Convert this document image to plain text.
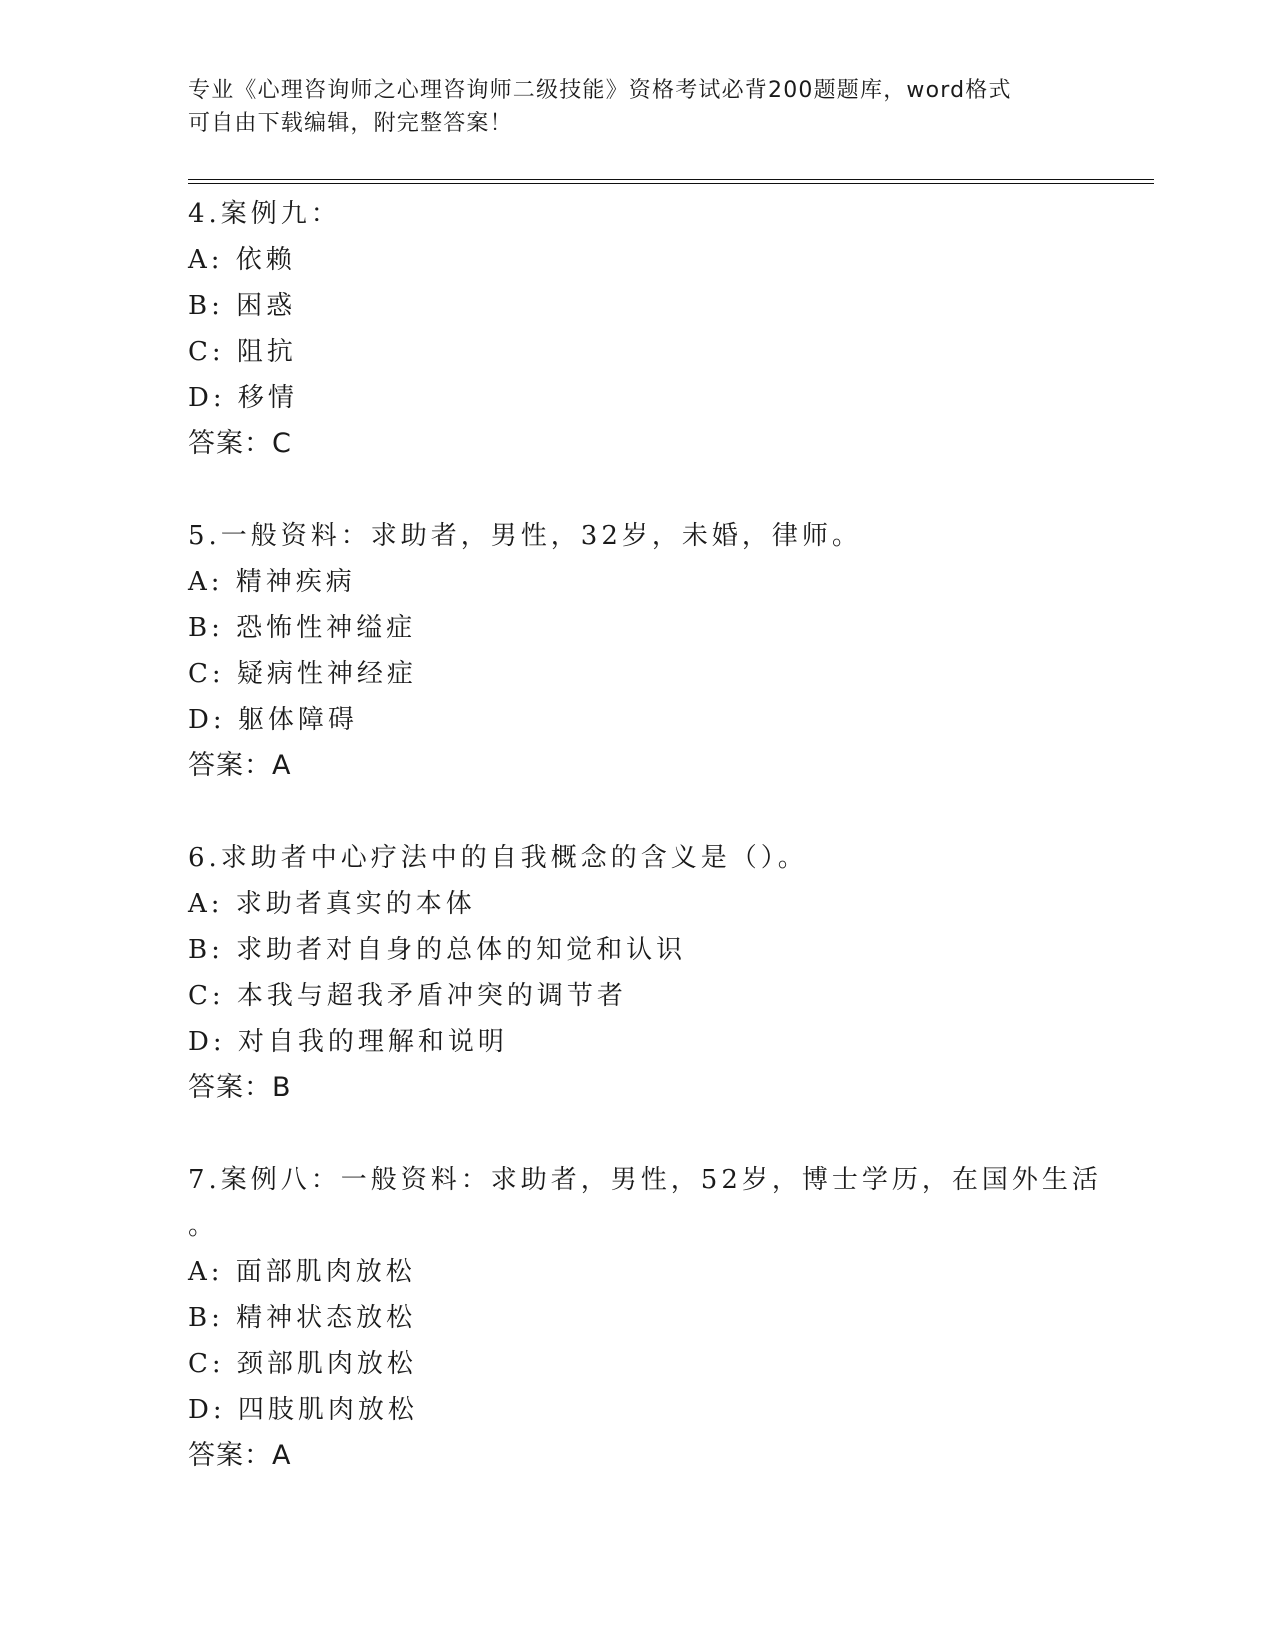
专业《心理咨询师之心理咨询师二级技能》资格考试必背200题题库，word格式

可自由下载编辑，附完整答案！

4.案例九：
A: 依赖
B: 困惑
C: 阻抗
D: 移情
答案：C
5.一般资料：求助者，男性，32岁，未婚，律师。
A: 精神疾病
B: 恐怖性神缢症
C: 疑病性神经症
D: 躯体障碍
答案：A
6.求助者中心疗法中的自我概念的含义是（）。
A: 求助者真实的本体
B: 求助者对自身的总体的知觉和认识
C: 本我与超我矛盾冲突的调节者
D: 对自我的理解和说明
答案：B
7.案例八：一般资料：求助者，男性，52岁，博士学历，在国外生活
。
A: 面部肌肉放松
B: 精神状态放松
C: 颈部肌肉放松
D: 四肢肌肉放松
答案：A
